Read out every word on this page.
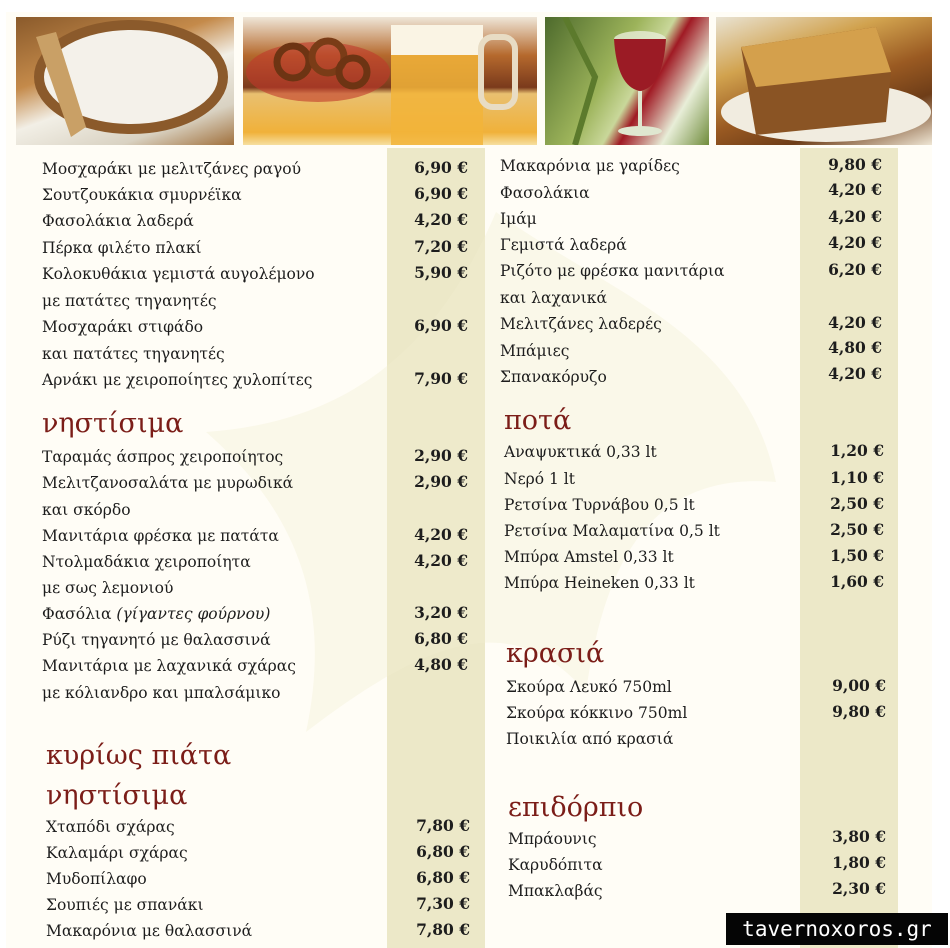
Μοσχαράκι με μελιτζάνες ραγού	6,90 €
Σουτζουκάκια σμυρνέϊκα	6,90 €
Φασολάκια λαδερά	4,20 €
Πέρκα φιλέτο πλακί	7,20 €
Κολοκυθάκια γεμιστά αυγολέμονο	5,90 €
με πατάτες τηγανητές
Μοσχαράκι στιφάδο	6,90 €
και πατάτες τηγανητές
Αρνάκι με χειροποίητες χυλοπίτες	7,90 €
νηστίσιμα
Ταραμάς άσπρος χειροποίητος	2,90 €
Μελιτζανοσαλάτα με μυρωδικά	2,90 €
και σκόρδο
Μανιτάρια φρέσκα με πατάτα	4,20 €
Ντολμαδάκια χειροποίητα	4,20 €
με σως λεμονιού
Φασόλια (γίγαντες φούρνου)	3,20 €
Ρύζι τηγανητό με θαλασσινά	6,80 €
Μανιτάρια με λαχανικά σχάρας	4,80 €
με κόλιανδρο και μπαλσάμικο
κυρίως πιάτα
νηστίσιμα
Χταπόδι σχάρας	7,80 €
Καλαμάρι σχάρας	6,80 €
Μυδοπίλαφο	6,80 €
Σουπιές με σπανάκι	7,30 €
Μακαρόνια με θαλασσινά	7,80 €
Μακαρόνια με γαρίδες	9,80 €
Φασολάκια	4,20 €
Ιμάμ	4,20 €
Γεμιστά λαδερά	4,20 €
Ριζότο με φρέσκα μανιτάρια	6,20 €
και λαχανικά
Μελιτζάνες λαδερές	4,20 €
Μπάμιες	4,80 €
Σπανακόρυζο	4,20 €
ποτά
Αναψυκτικά 0,33 lt	1,20 €
Νερό 1 lt	1,10 €
Ρετσίνα Τυρνάβου 0,5 lt	2,50 €
Ρετσίνα Μαλαματίνα 0,5 lt	2,50 €
Μπύρα Amstel 0,33 lt	1,50 €
Μπύρα Heineken 0,33 lt	1,60 €
κρασιά
Σκούρα Λευκό 750ml	9,00 €
Σκούρα κόκκινο 750ml	9,80 €
Ποικιλία από κρασιά
επιδόρπιο
Μπράουνις	3,80 €
Καρυδόπιτα	1,80 €
Μπακλαβάς	2,30 €
tavernoxoros.gr
